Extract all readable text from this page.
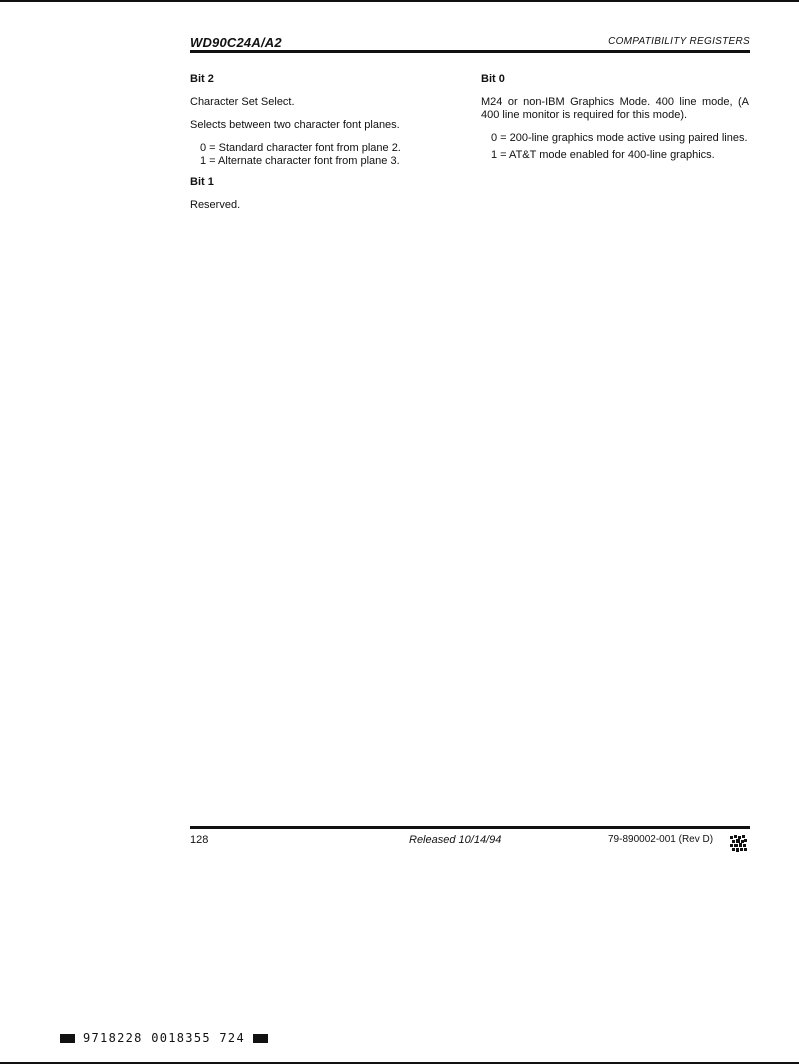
WD90C24A/A2	COMPATIBILITY REGISTERS
Bit 2
Character Set Select.
Selects between two character font planes.
0 = Standard character font from plane 2.
1 = Alternate character font from plane 3.
Bit 1
Reserved.
Bit 0
M24 or non-IBM Graphics Mode. 400 line mode, (A 400 line monitor is required for this mode).
0 = 200-line graphics mode active using paired lines.
1 = AT&T mode enabled for 400-line graphics.
128	Released 10/14/94	79-890002-001 (Rev D)
9718228 0018355 724
